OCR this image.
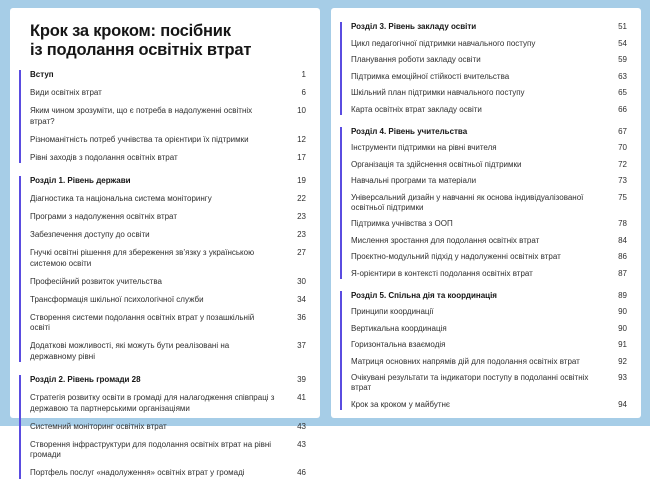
Крок за кроком: посібник
із подолання освітніх втрат
Вступ	1
Види освітніх втрат	6
Яким чином зрозуміти, що є потреба в надолуженні освітніх втрат?
10
Різноманітність потреб учнівства та орієнтири їх підтримки	12
Рівні заходів з подолання освітніх втрат	17
Розділ 1. Рівень держави	19
Діагностика та національна система моніторингу	22
Програми з надолуження освітніх втрат	23
Забезпечення доступу до освіти	23
Гнучкі освітні рішення для збереження зв’язку з українською системою освіти
27
Професійний розвиток учительства	30
Трансформація шкільної психологічної служби	34
Створення системи подолання освітніх втрат у позашкільній освіті
36
Додаткові можливості, які можуть бути реалізовані на державному рівні
37
Розділ 2. Рівень громади 28	39
Стратегія розвитку освіти в громаді для налагодження співпраці з державою та партнерськими організаціями
41
Системний моніторинг освітніх втрат	43
Створення інфраструктури для подолання освітніх втрат на рівні громади
43
Портфель послуг «надолуження» освітніх втрат у громаді	46
Розділ 3. Рівень закладу освіти	51
Цикл педагогічної підтримки навчального поступу	54
Планування роботи закладу освіти	59
Підтримка емоційної стійкості вчительства	63
Шкільний план підтримки навчального поступу	65
Карта освітніх втрат закладу освіти	66
Розділ 4. Рівень учительства	67
Інструменти підтримки на рівні вчителя	70
Організація та здійснення освітньої підтримки	72
Навчальні програми та матеріали	73
Універсальний дизайн у навчанні як основа індивідуалізованої освітньої підтримки
75
Підтримка учнівства з ООП	78
Мислення зростання для подолання освітніх втрат	84
Проєктно-модульний підхід у надолуженні освітніх втрат	86
Я-орієнтири в контексті подолання освітніх втрат	87
Розділ 5. Спільна дія та координація	89
Принципи координації	90
Вертикальна координація	90
Горизонтальна взаємодія	91
Матриця основних напрямів дій для подолання освітніх втрат	92
Очікувані результати та індикатори поступу в подоланні освітніх втрат
93
Крок за кроком у майбутнє	94
